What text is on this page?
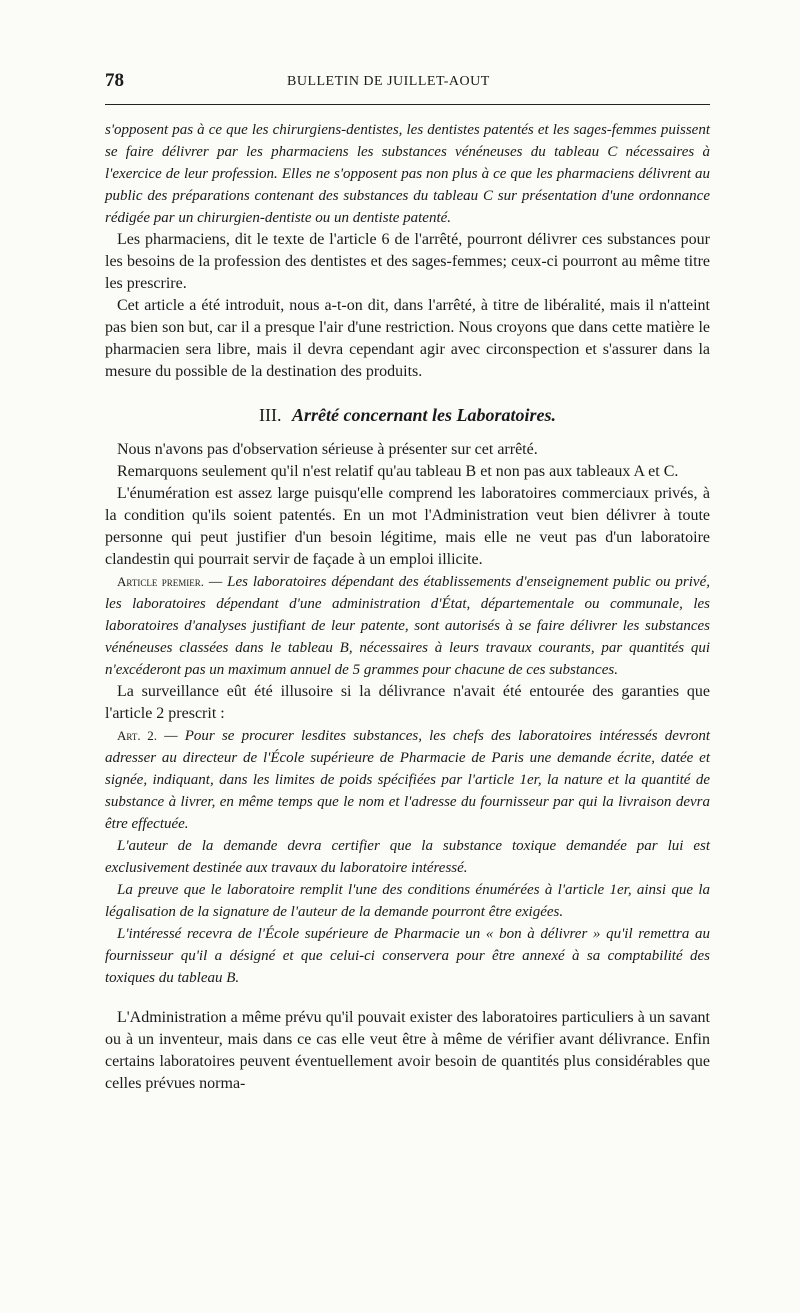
78	BULLETIN DE JUILLET-AOUT

s'opposent pas à ce que les chirurgiens-dentistes, les dentistes patentés et les sages-femmes puissent se faire délivrer par les pharmaciens les substances vénéneuses du tableau C nécessaires à l'exercice de leur profession. Elles ne s'opposent pas non plus à ce que les pharmaciens délivrent au public des préparations contenant des substances du tableau C sur présentation d'une ordonnance rédigée par un chirurgien-dentiste ou un dentiste patenté.

Les pharmaciens, dit le texte de l'article 6 de l'arrêté, pourront délivrer ces substances pour les besoins de la profession des dentistes et des sages-femmes; ceux-ci pourront au même titre les prescrire.

Cet article a été introduit, nous a-t-on dit, dans l'arrêté, à titre de libéralité, mais il n'atteint pas bien son but, car il a presque l'air d'une restriction. Nous croyons que dans cette matière le pharmacien sera libre, mais il devra cependant agir avec circonspection et s'assurer dans la mesure du possible de la destination des produits.

III. Arrêté concernant les Laboratoires.

Nous n'avons pas d'observation sérieuse à présenter sur cet arrêté.

Remarquons seulement qu'il n'est relatif qu'au tableau B et non pas aux tableaux A et C.

L'énumération est assez large puisqu'elle comprend les laboratoires commerciaux privés, à la condition qu'ils soient patentés. En un mot l'Administration veut bien délivrer à toute personne qui peut justifier d'un besoin légitime, mais elle ne veut pas d'un laboratoire clandestin qui pourrait servir de façade à un emploi illicite.

Article premier. — Les laboratoires dépendant des établissements d'enseignement public ou privé, les laboratoires dépendant d'une administration d'État, départementale ou communale, les laboratoires d'analyses justifiant de leur patente, sont autorisés à se faire délivrer les substances vénéneuses classées dans le tableau B, nécessaires à leurs travaux courants, par quantités qui n'excéderont pas un maximum annuel de 5 grammes pour chacune de ces substances.

La surveillance eût été illusoire si la délivrance n'avait été entourée des garanties que l'article 2 prescrit :

Art. 2. — Pour se procurer lesdites substances, les chefs des laboratoires intéressés devront adresser au directeur de l'École supérieure de Pharmacie de Paris une demande écrite, datée et signée, indiquant, dans les limites de poids spécifiées par l'article 1er, la nature et la quantité de substance à livrer, en même temps que le nom et l'adresse du fournisseur par qui la livraison devra être effectuée.

L'auteur de la demande devra certifier que la substance toxique demandée par lui est exclusivement destinée aux travaux du laboratoire intéressé.

La preuve que le laboratoire remplit l'une des conditions énumérées à l'article 1er, ainsi que la légalisation de la signature de l'auteur de la demande pourront être exigées.

L'intéressé recevra de l'École supérieure de Pharmacie un « bon à délivrer » qu'il remettra au fournisseur qu'il a désigné et que celui-ci conservera pour être annexé à sa comptabilité des toxiques du tableau B.

L'Administration a même prévu qu'il pouvait exister des laboratoires particuliers à un savant ou à un inventeur, mais dans ce cas elle veut être à même de vérifier avant délivrance. Enfin certains laboratoires peuvent éventuellement avoir besoin de quantités plus considérables que celles prévues norma-
